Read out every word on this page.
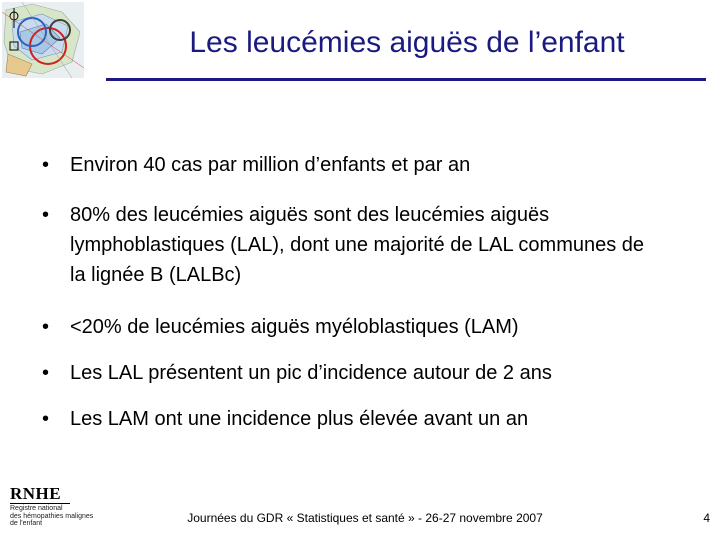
Les leucémies aiguës de l’enfant
•	Environ 40 cas par million d’enfants et par an
•	80% des leucémies aiguës sont des leucémies aiguës lymphoblastiques (LAL), dont une majorité de LAL communes de la lignée B (LALBc)
•	<20% de leucémies aiguës myéloblastiques (LAM)
•	Les LAL présentent un pic d’incidence autour de 2 ans
•	Les LAM ont une incidence plus élevée avant un an
RNHE
Registre national
des hémopathies malignes
de l'enfant	Journées du GDR « Statistiques et santé » - 26-27 novembre 2007	4
